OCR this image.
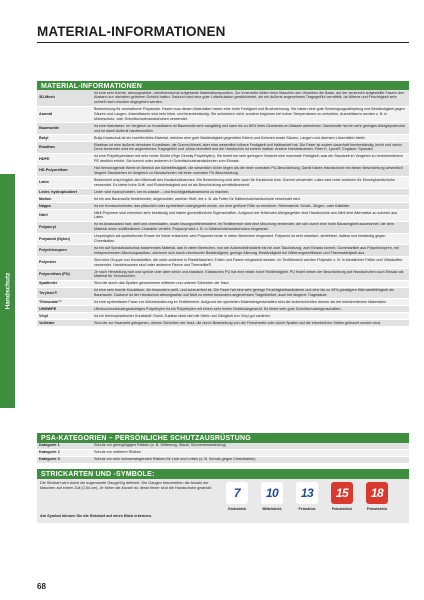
MATERIAL-INFORMATIONEN
Handschutz
MATERIAL-INFORMATIONEN
3D-Mesh	Ist eine sehr leichte, atmungsaktive, dreidimensional aufgebaute Materialkomposition. Zur Innenseite bilden feine Maschen den Gewebes die Basis, auf der senkrecht aufgestellte Fasern den Abstand zur nächsten gröberen Schicht halten. Dadurch wird eine gute Luftzirkulation gewährleistet, die ein äußerst angenehmes Tragegefühl vermittelt, da Wärme und Feuchtigkeit sehr schnell nach draußen abgegeben werden.
Aramid	Bezeichnung für aromatische Polyamide. Fasern aus diesen Materialien haben eine hohe Festigkeit und Bruchdehnung. Sie haben eine gute Schwingungsdämpfung und Beständigkeit gegen Säuren und Laugen. Aramidfasern sind sehr hitze- und feuerbeständig. Sie schmelzen nicht, sondern beginnen bei hohen Temperaturen zu verkohlen. Aramidfasern werden z. B. in Motorschutz- oder Schnittschutzhandschuhen verwendet.
Baumwolle	Ist eine Naturfaser. Im Vergleich zu Kunstfasern ist Baumwolle sehr saugfähig und kann bis zu 80% ihres Gewichtes an Wasser aufnehmen. Baumwolle hat ein sehr geringes Allergiepotenzial und ist damit äußerst hautfreundlich.
Butyl	Butyl-Kautschuk ist ein hochflexibles Material, welches eine gute Beständigkeit gegenüber Estern und Ketonen sowie Säuren, Laugen und diversen Lösemitteln bietet.
Elasthan	Elasthan ist eine äußerst dehnbare Kunstfaser, die Gummi ähnelt, aber eine wesentlich höhere Festigkeit und Haltbarkeit hat. Die Faser ist zudem dauerhaft formbeständig, leicht und weich. Denn Anwender wird ein angenehmes Tragegefühl und -klima vermittelt und der Handschuh ist extrem haltbar. Andere Handelsnamen: Fiber K, Lycra®, Englisch: Spandex
HDPE	Ist eine Polyethylenfaser mit sehr hoher Dichte (High Density Polyethylen). Sie bietet bei sehr geringem Gewicht eine maximale Festigkeit, was die Standzeit im Vergleich zu herkömmlichem PE deutlich erhöht. Sie kommt unter anderem in Schnittschutzhandschuhen zum Einsatz.
HD-Polyurethan	Hat hervorragende Werte im Bereich der Abriebfestigkeit, die wesentlich höher liegen als die einer normalen PU-Beschichtung. Damit haben Handschuhe mit dieser Beschichtung wesentlich längere Standzeiten im Vergleich zu Handschuhen mit einer normalen PU-Beschichtung.
Latex	Bezeichnet ursprünglich den Milchsaft des Kautschukbaumes. Die Bezeichnung wird aber auch für Kautschuk bzw. Gummi verwendet. Latex wird unter anderem für Einweghandschuhe verwendet. Es bietet hohe Griff- und Rutschfestigkeit und ist als Beschichtung schnittdämmend.
Leder, hydrophobiert	Leder wird hydrophobiert, um es wasser – und feuchtigkeitsabweisend zu machen.
Molton	Ist ein aus Baumwolle bestehender, angerauhter, weicher Stoff, der z. B. als Futter für Kälteschutzhandschuhe verwendet wird.
Nappa	Ist ein Kunstschuhleder, das pflanzlich oder synthetisch nachgegerbt wurde, um eine größere Fülle zu erreichen. Rohmaterial: Schaf-, Ziegen- oder Kalbfelle.
Nitril	Nitril-Polymere sind chemisch sehr beständig und haben gummiähnliche Eigenschaften. Aufgrund der fehlenden Allergiegefahr sind Handschuhe aus Nitril eine Alternative zu solchen aus Latex.
Polyacryl	Ist im Anlassstand hart, steif und chemikalien- sowie lösungsmittelresistent. Im Textilbereich wird eine Mischung verwendet, die sich durch eine hohe Bauschigkeit auszeichnet, die dem Material einen wollähnlichen Charakter verleiht. Polyacryl wird z. B. in Kälteschutzhandschuhen eingesetzt.
Polyamid (Nylon)	Ursprünglich als synthetischer Ersatz für Seide entwickelt, wird Polyamid heute in vielen Bereichen eingesetzt. Polyamid ist sehr elastisch, abriebfest, haltbar und beständig gegen Chemikalien.
Polychloropren	Ist ein auf Spezialkautschuk basierendes Material, das in vielen Bereichen, von der Automobilindustrie bis hin zum Tauchanzug, zum Einsatz kommt. Gummiartikel aus Polychloropren, mit entsprechenden Mischungsaufbau, zeichnen sich durch chemischer Beständigkeit, geringe Alterung, Beständigkeit bei Witterungseinflüssen und Flammwidrigkeit aus.
Polyester	Sind eine Gruppe von Kunststoffen, die unter anderem in Plastikflaschen, Folien und Fasern eingesetzt werden. Im Textilbereich werden Polyester z. B. in künstlichen Fellen und Vliesstoffen verwendet. Handelsnamen sind unter anderem Fleece und Thermolite®.
Polyurethan (PU)	Je nach Herstellung hart und spröde oder aber weich und elastisch. Elastisches PU hat eine relativ hohe Reißfestigkeit. PU findet neben der Beschichtung auf Handschuhen auch Einsatz als Material für Schuhsohlen.
Spaltleder	Sind die durch das Spalten gewonnenen mittleren und unteren Schichten der Haut.
Terylene®	Ist eine sehr leichte Kunstfaser, die besonders weiß- und scheuerfest ist. Die Faser hat eine sehr geringe Feuchtigkeitsaufnahme und eine bis zu 40% günstigere Wärmeleitfähigkeit als Baumwolle. Dadurch ist der Handschuh atmungsaktiv und führt zu einem besonders angenehmen Trageklimfort, auch bei längerer Tragedauer.
Thinsulate™	Ist eine synthetische Faser zur Wärmeisolierung im Textilbereich. Aufgrund der speziellen Materialeigenschaften sind die Isolierschichten dünner als bei herkömmlichen Materialien.
UHMWPE	Ultrahochmolekulargewichtiges Polyethylen ist ein Polyethylen mit einem sehr hohen Molekulargewicht. Es bietet sehr gute Schnittschutzeigenschaften.
Vinyl	Ist ein thermoplastischer Kunststoff. Durch Zusätze lässt sich die Härte und Zähigkeit von Vinyl gut variieren.
Vollleder	Sind die zur Haarseite gelegenen, oberen Schichten der Haut, die durch Bearbeitung von der Fleischseite oder durch Spalten auf die erforderliche Stärke gebracht worden sind.
PSA-KATEGORIEN – PERSÖNLICHE SCHUTZAUSRÜSTUNG
Kategorie 1	Schutz vor geringfügigen Risiken (z. B. Witterung, Staub, Sonneneinstrahlung)
Kategorie 2	Schutz vor mittleren Risiken
Kategorie 3	Schutz vor sehr schwerwiegenden Risiken für Leib und Leben (z. B. Schutz gegen Chemikalien)
STRICKARTEN UND -SYMBOLE:
Die Strickart wird durch die sogenannte Gauge/Gg definiert. Die Gaugen beschreiben die Anzahl der Maschen auf einem Zoll (2,54 cm). Je höher die Anzahl ist, desto feiner sind die Handschuhe gestrickt.
Am Symbol können Sie die Strickart auf einen Blick erkennen.
7
Grobstrick
10
Mittelstrick
13
Feinstrick
15
Feinststrick
18
Feinststrick
68
